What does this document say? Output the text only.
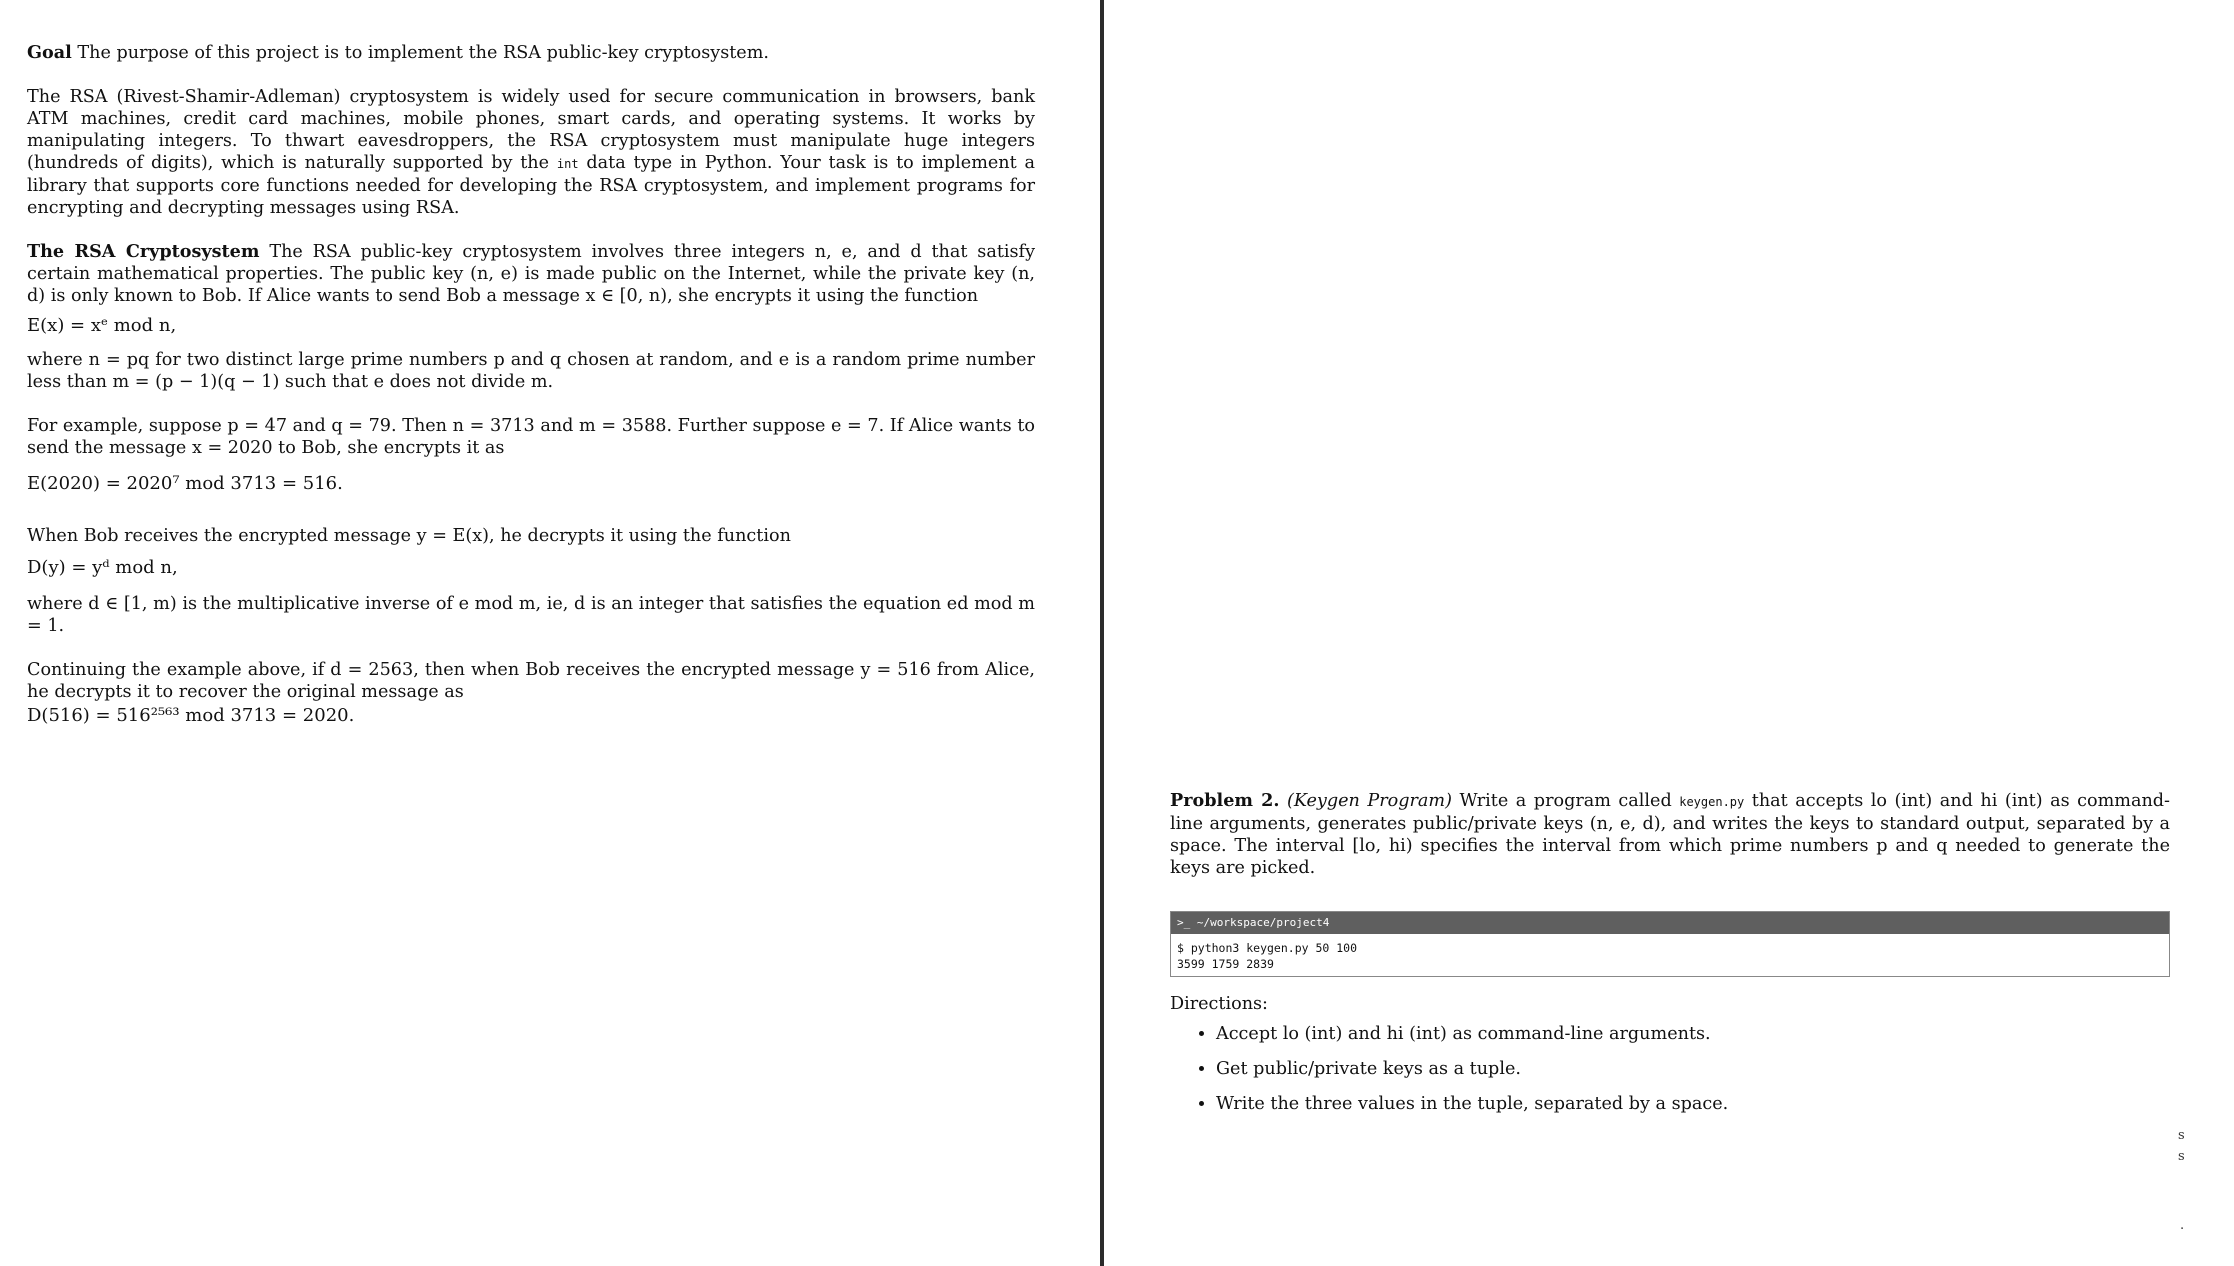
Goal The purpose of this project is to implement the RSA public-key cryptosystem.

The RSA (Rivest-Shamir-Adleman) cryptosystem is widely used for secure communication in browsers, bank ATM machines, credit card machines, mobile phones, smart cards, and operating systems. It works by manipulating integers. To thwart eavesdroppers, the RSA cryptosystem must manipulate huge integers (hundreds of digits), which is naturally supported by the int data type in Python. Your task is to implement a library that supports core functions needed for developing the RSA cryptosystem, and implement programs for encrypting and decrypting messages using RSA.

The RSA Cryptosystem The RSA public-key cryptosystem involves three integers n, e, and d that satisfy certain mathematical properties. The public key (n, e) is made public on the Internet, while the private key (n, d) is only known to Bob. If Alice wants to send Bob a message x ∈ [0, n), she encrypts it using the function

E(x) = xᵉ mod n,

where n = pq for two distinct large prime numbers p and q chosen at random, and e is a random prime number less than m = (p − 1)(q − 1) such that e does not divide m.

For example, suppose p = 47 and q = 79. Then n = 3713 and m = 3588. Further suppose e = 7. If Alice wants to send the message x = 2020 to Bob, she encrypts it as

E(2020) = 2020⁷ mod 3713 = 516.

When Bob receives the encrypted message y = E(x), he decrypts it using the function

D(y) = yᵈ mod n,

where d ∈ [1, m) is the multiplicative inverse of e mod m, ie, d is an integer that satisfies the equation ed mod m = 1.

Continuing the example above, if d = 2563, then when Bob receives the encrypted message y = 516 from Alice, he decrypts it to recover the original message as

D(516) = 516²⁵⁶³ mod 3713 = 2020.

Problem 2. (Keygen Program) Write a program called keygen.py that accepts lo (int) and hi (int) as command-line arguments, generates public/private keys (n, e, d), and writes the keys to standard output, separated by a space. The interval [lo, hi) specifies the interval from which prime numbers p and q needed to generate the keys are picked.

>_ ~/workspace/project4
$ python3 keygen.py 50 100
3599 1759 2839
Directions:
• Accept lo (int) and hi (int) as command-line arguments.
• Get public/private keys as a tuple.
• Write the three values in the tuple, separated by a space.
s
s
.
